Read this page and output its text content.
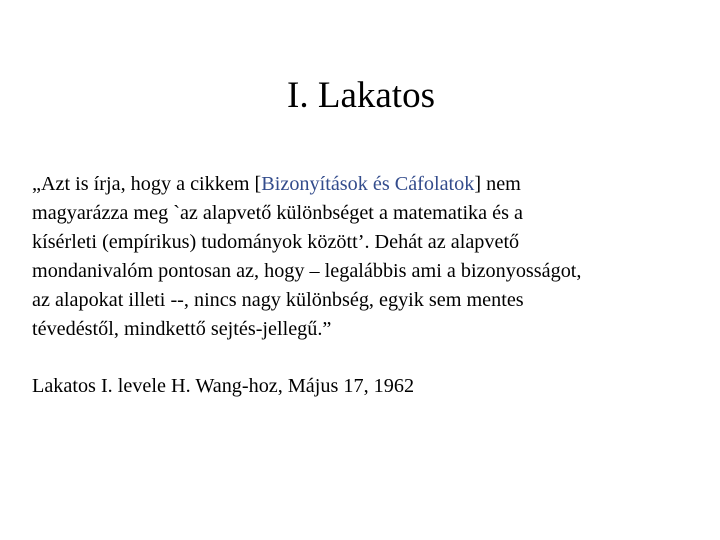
I. Lakatos

„Azt is írja, hogy a cikkem [Bizonyítások és Cáfolatok] nem
magyarázza meg `az alapvető különbséget a matematika és a
kísérleti (empírikus) tudományok között’. Dehát az alapvető
mondanivalóm pontosan az, hogy – legalábbis ami a bizonyosságot,
az alapokat illeti --, nincs nagy különbség, egyik sem mentes
tévedéstől, mindkettő sejtés-jellegű.”

Lakatos I. levele H. Wang-hoz, Május 17, 1962
